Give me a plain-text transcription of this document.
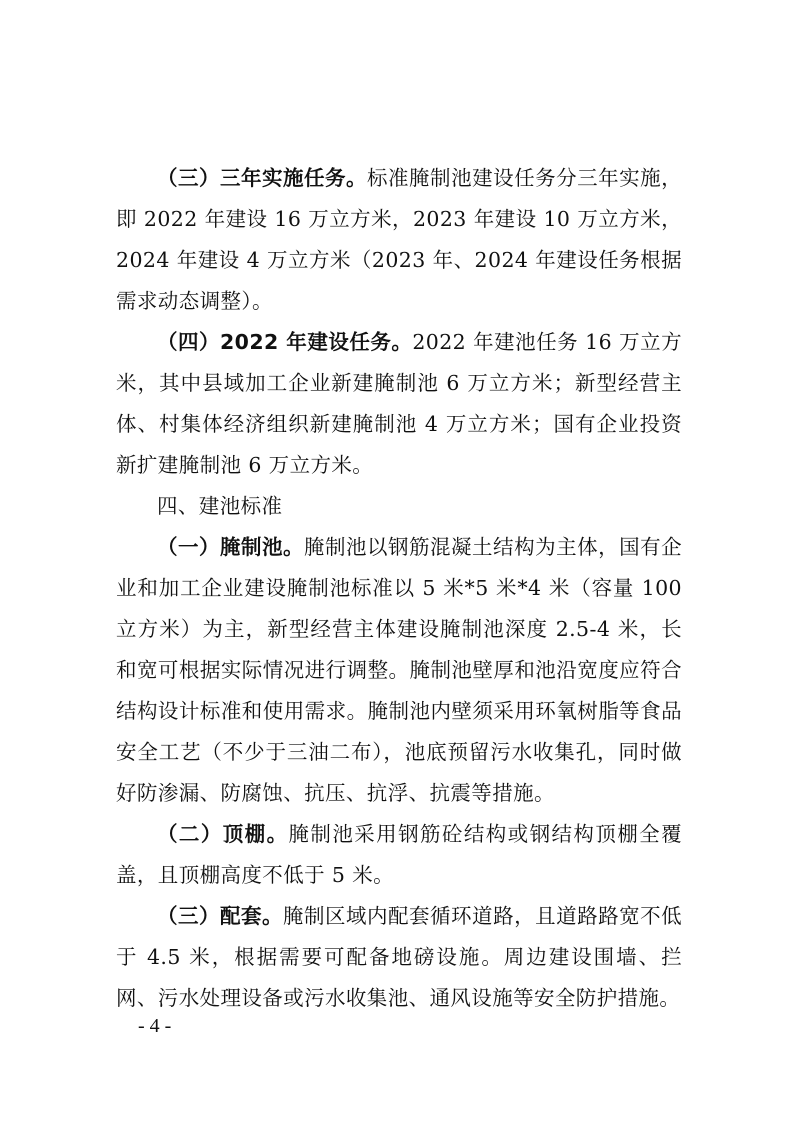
（三）三年实施任务。标准腌制池建设任务分三年实施，即 2022 年建设 16 万立方米，2023 年建设 10 万立方米，2024 年建设 4 万立方米（2023 年、2024 年建设任务根据需求动态调整）。

（四）2022 年建设任务。2022 年建池任务 16 万立方米，其中县域加工企业新建腌制池 6 万立方米；新型经营主体、村集体经济组织新建腌制池 4 万立方米；国有企业投资新扩建腌制池 6 万立方米。

四、建池标准

（一）腌制池。腌制池以钢筋混凝土结构为主体，国有企业和加工企业建设腌制池标准以 5 米*5 米*4 米（容量 100 立方米）为主，新型经营主体建设腌制池深度 2.5-4 米，长和宽可根据实际情况进行调整。腌制池壁厚和池沿宽度应符合结构设计标准和使用需求。腌制池内壁须采用环氧树脂等食品安全工艺（不少于三油二布），池底预留污水收集孔，同时做好防渗漏、防腐蚀、抗压、抗浮、抗震等措施。

（二）顶棚。腌制池采用钢筋砼结构或钢结构顶棚全覆盖，且顶棚高度不低于 5 米。

（三）配套。腌制区域内配套循环道路，且道路路宽不低于 4.5 米，根据需要可配备地磅设施。周边建设围墙、拦网、污水处理设备或污水收集池、通风设施等安全防护措施。

- 4 -
